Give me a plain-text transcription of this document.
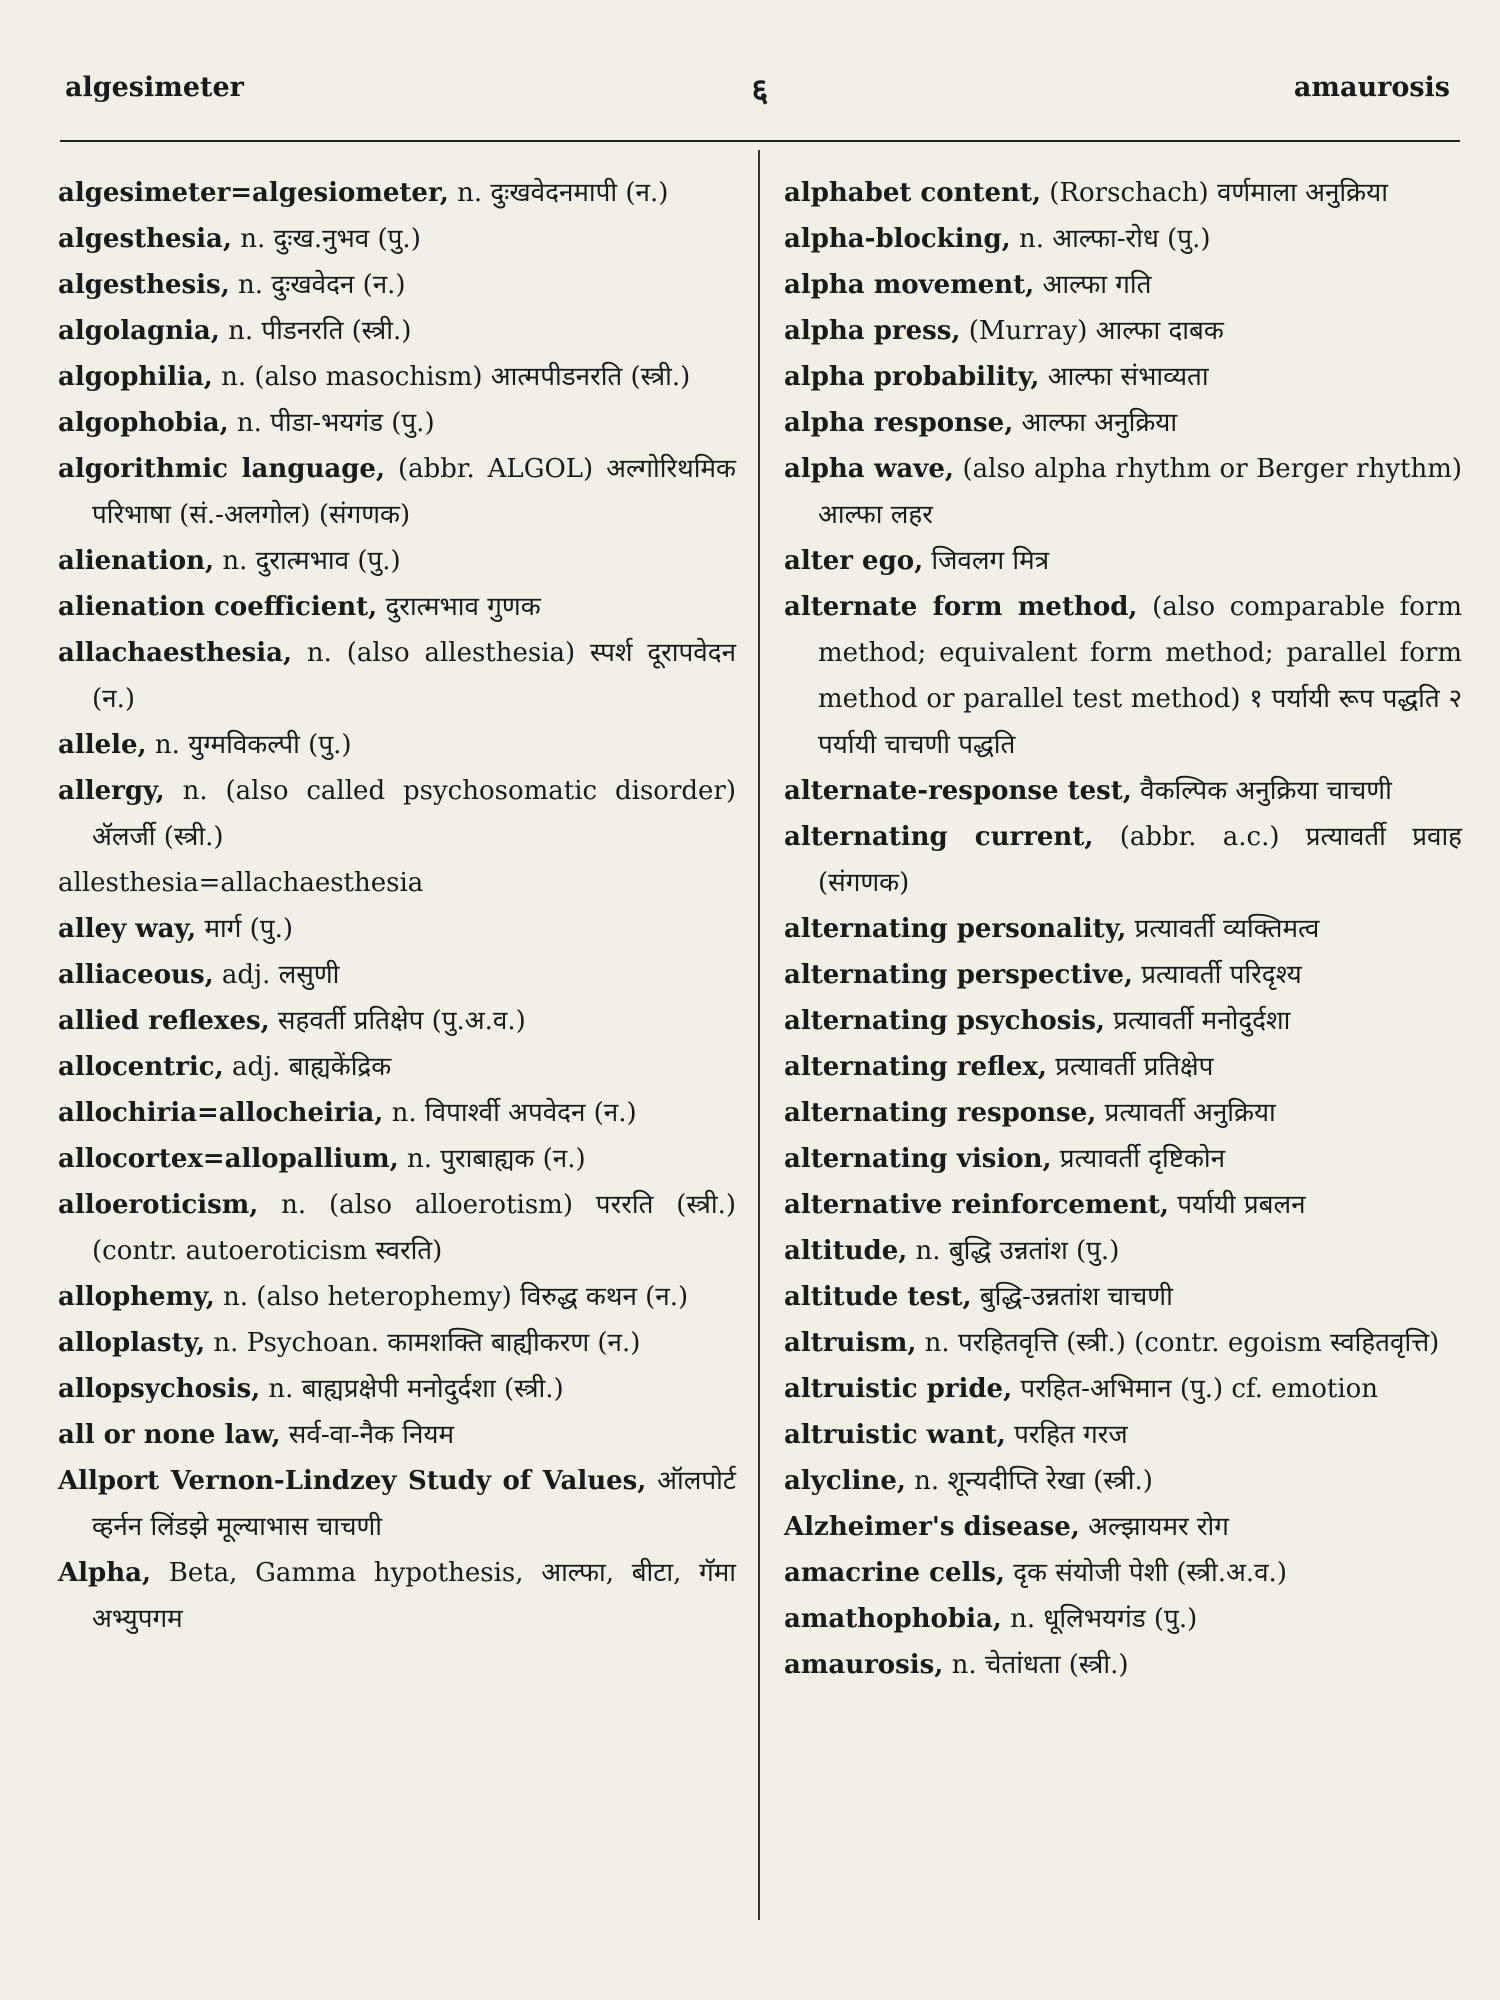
algesimeter	६	amaurosis
algesimeter=algesiometer, n. दुःखवेदनमापी (न.)
algesthesia, n. दुःख.नुभव (पु.)
algesthesis, n. दुःखवेदन (न.)
algolagnia, n. पीडनरति (स्त्री.)
algophilia, n. (also masochism) आत्मपीडनरति (स्त्री.)
algophobia, n. पीडा-भयगंड (पु.)
algorithmic language, (abbr. ALGOL) अल्गोरिथमिक परिभाषा (सं.-अलगोल) (संगणक)
alienation, n. दुरात्मभाव (पु.)
alienation coefficient, दुरात्मभाव गुणक
allachaesthesia, n. (also allesthesia) स्पर्श दूरापवेदन (न.)
allele, n. युग्मविकल्पी (पु.)
allergy, n. (also called psychosomatic disorder) ॲलर्जी (स्त्री.)
allesthesia=allachaesthesia
alley way, मार्ग (पु.)
alliaceous, adj. लसुणी
allied reflexes, सहवर्ती प्रतिक्षेप (पु.अ.व.)
allocentric, adj. बाह्यकेंद्रिक
allochiria=allocheiria, n. विपार्श्वी अपवेदन (न.)
allocortex=allopallium, n. पुराबाह्यक (न.)
alloeroticism, n. (also alloerotism) पररति (स्त्री.) (contr. autoeroticism स्वरति)
allophemy, n. (also heterophemy) विरुद्ध कथन (न.)
alloplasty, n. Psychoan. कामशक्ति बाह्यीकरण (न.)
allopsychosis, n. बाह्यप्रक्षेपी मनोदुर्दशा (स्त्री.)
all or none law, सर्व-वा-नैक नियम
Allport Vernon-Lindzey Study of Values, ऑलपोर्ट व्हर्नन लिंडझे मूल्याभास चाचणी
Alpha, Beta, Gamma hypothesis, आल्फा, बीटा, गॅमा अभ्युपगम
alphabet content, (Rorschach) वर्णमाला अनुक्रिया
alpha-blocking, n. आल्फा-रोध (पु.)
alpha movement, आल्फा गति
alpha press, (Murray) आल्फा दाबक
alpha probability, आल्फा संभाव्यता
alpha response, आल्फा अनुक्रिया
alpha wave, (also alpha rhythm or Berger rhythm) आल्फा लहर
alter ego, जिवलग मित्र
alternate form method, (also comparable form method; equivalent form method; parallel form method or parallel test method) १ पर्यायी रूप पद्धति २ पर्यायी चाचणी पद्धति
alternate-response test, वैकल्पिक अनुक्रिया चाचणी
alternating current, (abbr. a.c.) प्रत्यावर्ती प्रवाह (संगणक)
alternating personality, प्रत्यावर्ती व्यक्तिमत्व
alternating perspective, प्रत्यावर्ती परिदृश्य
alternating psychosis, प्रत्यावर्ती मनोदुर्दशा
alternating reflex, प्रत्यावर्ती प्रतिक्षेप
alternating response, प्रत्यावर्ती अनुक्रिया
alternating vision, प्रत्यावर्ती दृष्टिकोन
alternative reinforcement, पर्यायी प्रबलन
altitude, n. बुद्धि उन्नतांश (पु.)
altitude test, बुद्धि-उन्नतांश चाचणी
altruism, n. परहितवृत्ति (स्त्री.) (contr. egoism स्वहितवृत्ति)
altruistic pride, परहित-अभिमान (पु.) cf. emotion
altruistic want, परहित गरज
alycline, n. शून्यदीप्ति रेखा (स्त्री.)
Alzheimer's disease, अल्झायमर रोग
amacrine cells, दृक संयोजी पेशी (स्त्री.अ.व.)
amathophobia, n. धूलिभयगंड (पु.)
amaurosis, n. चेतांधता (स्त्री.)
